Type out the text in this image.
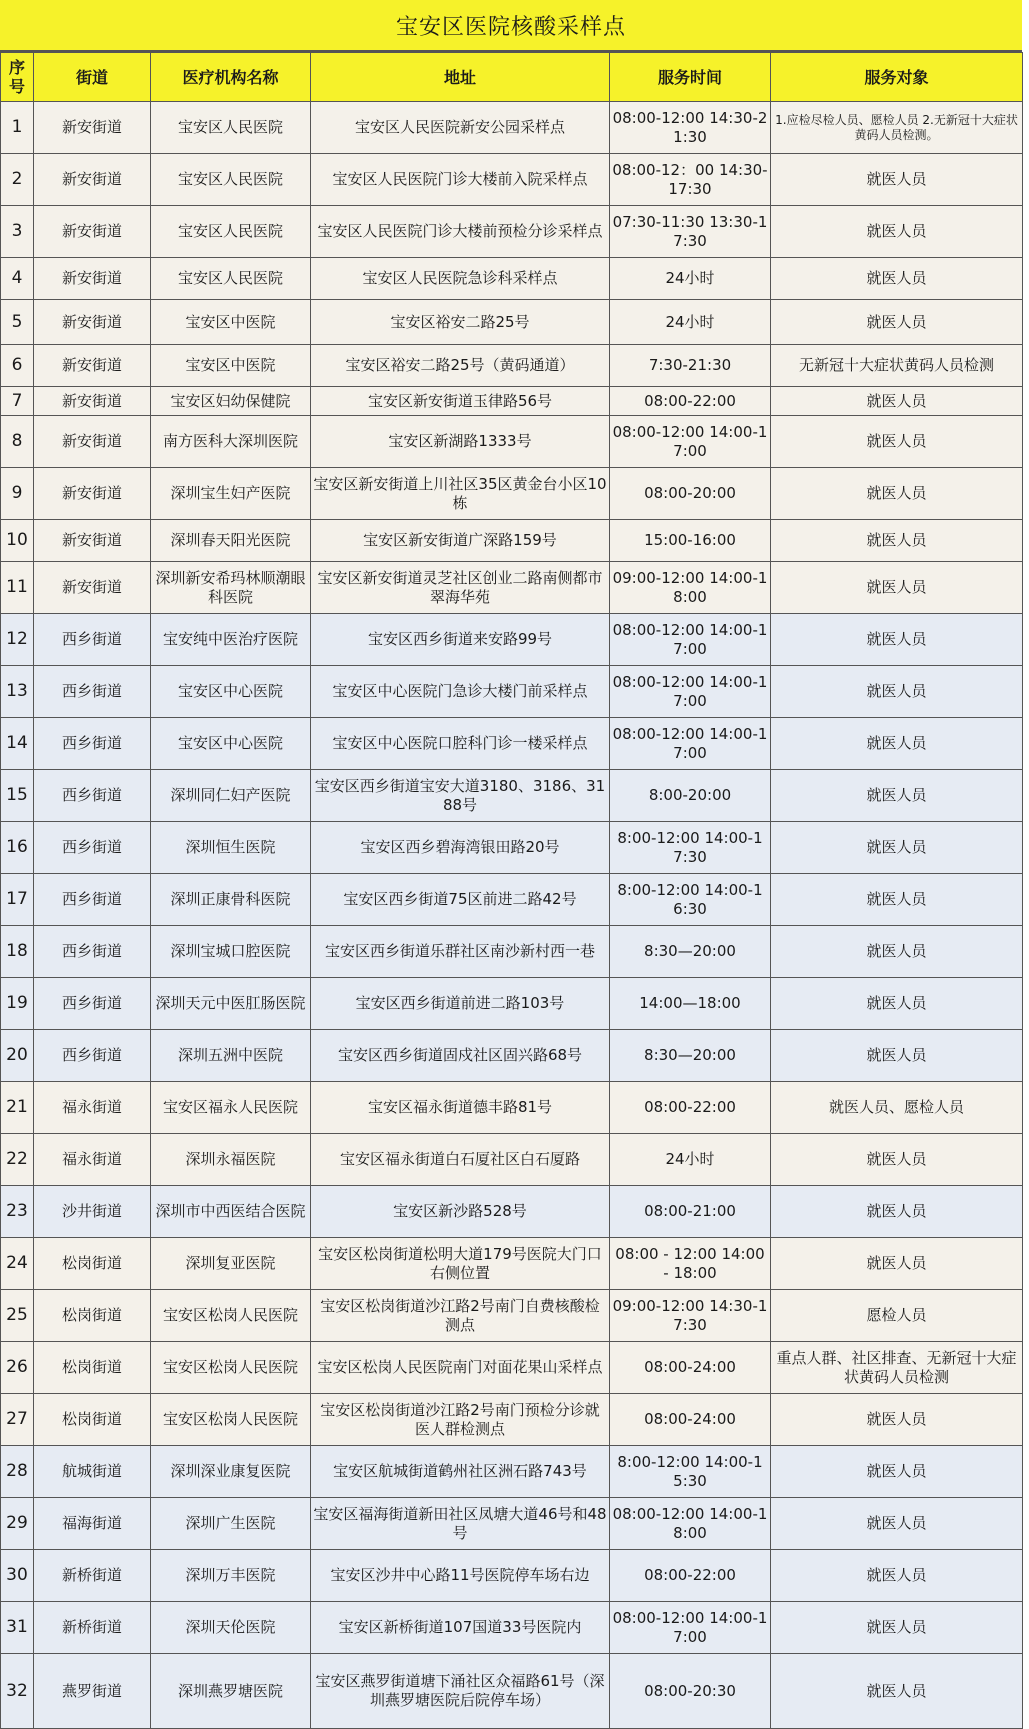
宝安区医院核酸采样点
序号	街道	医疗机构名称	地址	服务时间	服务对象
1	新安街道	宝安区人民医院	宝安区人民医院新安公园采样点	08:00-12:00 14:30-21:30	1.应检尽检人员、愿检人员 2.无新冠十大症状黄码人员检测。
2	新安街道	宝安区人民医院	宝安区人民医院门诊大楼前入院采样点	08:00-12：00 14:30-17:30	就医人员
3	新安街道	宝安区人民医院	宝安区人民医院门诊大楼前预检分诊采样点	07:30-11:30 13:30-17:30	就医人员
4	新安街道	宝安区人民医院	宝安区人民医院急诊科采样点	24小时	就医人员
5	新安街道	宝安区中医院	宝安区裕安二路25号	24小时	就医人员
6	新安街道	宝安区中医院	宝安区裕安二路25号（黄码通道）	7:30-21:30	无新冠十大症状黄码人员检测
7	新安街道	宝安区妇幼保健院	宝安区新安街道玉律路56号	08:00-22:00	就医人员
8	新安街道	南方医科大深圳医院	宝安区新湖路1333号	08:00-12:00 14:00-17:00	就医人员
9	新安街道	深圳宝生妇产医院	宝安区新安街道上川社区35区黄金台小区10栋	08:00-20:00	就医人员
10	新安街道	深圳春天阳光医院	宝安区新安街道广深路159号	15:00-16:00	就医人员
11	新安街道	深圳新安希玛林顺潮眼科医院	宝安区新安街道灵芝社区创业二路南侧都市翠海华苑	09:00-12:00 14:00-18:00	就医人员
12	西乡街道	宝安纯中医治疗医院	宝安区西乡街道来安路99号	08:00-12:00 14:00-17:00	就医人员
13	西乡街道	宝安区中心医院	宝安区中心医院门急诊大楼门前采样点	08:00-12:00 14:00-17:00	就医人员
14	西乡街道	宝安区中心医院	宝安区中心医院口腔科门诊一楼采样点	08:00-12:00 14:00-17:00	就医人员
15	西乡街道	深圳同仁妇产医院	宝安区西乡街道宝安大道3180、3186、3188号	8:00-20:00	就医人员
16	西乡街道	深圳恒生医院	宝安区西乡碧海湾银田路20号	8:00-12:00 14:00-17:30	就医人员
17	西乡街道	深圳正康骨科医院	宝安区西乡街道75区前进二路42号	8:00-12:00 14:00-16:30	就医人员
18	西乡街道	深圳宝城口腔医院	宝安区西乡街道乐群社区南沙新村西一巷	8:30—20:00	就医人员
19	西乡街道	深圳天元中医肛肠医院	宝安区西乡街道前进二路103号	14:00—18:00	就医人员
20	西乡街道	深圳五洲中医院	宝安区西乡街道固戍社区固兴路68号	8:30—20:00	就医人员
21	福永街道	宝安区福永人民医院	宝安区福永街道德丰路81号	08:00-22:00	就医人员、愿检人员
22	福永街道	深圳永福医院	宝安区福永街道白石厦社区白石厦路	24小时	就医人员
23	沙井街道	深圳市中西医结合医院	宝安区新沙路528号	08:00-21:00	就医人员
24	松岗街道	深圳复亚医院	宝安区松岗街道松明大道179号医院大门口右侧位置	08:00 - 12:00 14:00 - 18:00	就医人员
25	松岗街道	宝安区松岗人民医院	宝安区松岗街道沙江路2号南门自费核酸检测点	09:00-12:00 14:30-17:30	愿检人员
26	松岗街道	宝安区松岗人民医院	宝安区松岗人民医院南门对面花果山采样点	08:00-24:00	重点人群、社区排查、无新冠十大症状黄码人员检测
27	松岗街道	宝安区松岗人民医院	宝安区松岗街道沙江路2号南门预检分诊就医人群检测点	08:00-24:00	就医人员
28	航城街道	深圳深业康复医院	宝安区航城街道鹤州社区洲石路743号	8:00-12:00 14:00-15:30	就医人员
29	福海街道	深圳广生医院	宝安区福海街道新田社区凤塘大道46号和48号	08:00-12:00 14:00-18:00	就医人员
30	新桥街道	深圳万丰医院	宝安区沙井中心路11号医院停车场右边	08:00-22:00	就医人员
31	新桥街道	深圳天伦医院	宝安区新桥街道107国道33号医院内	08:00-12:00 14:00-17:00	就医人员
32	燕罗街道	深圳燕罗塘医院	宝安区燕罗街道塘下涌社区众福路61号（深圳燕罗塘医院后院停车场）	08:00-20:30	就医人员
